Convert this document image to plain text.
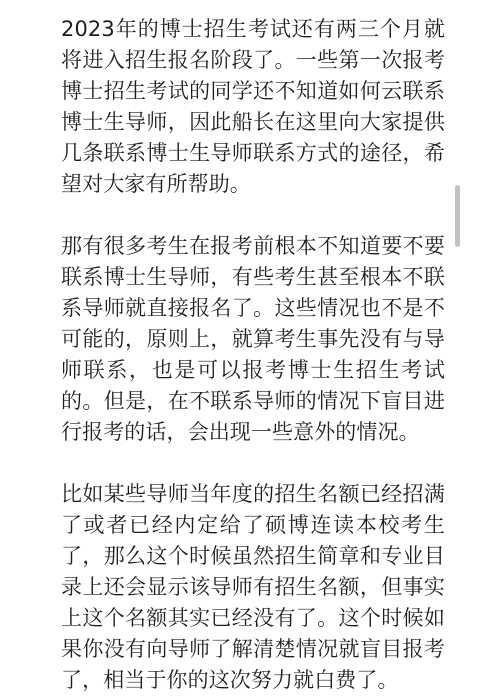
2023年的博士招生考试还有两三个月就将进入招生报名阶段了。一些第一次报考博士招生考试的同学还不知道如何云联系博士生导师，因此船长在这里向大家提供几条联系博士生导师联系方式的途径，希望对大家有所帮助。

那有很多考生在报考前根本不知道要不要联系博士生导师，有些考生甚至根本不联系导师就直接报名了。这些情况也不是不可能的，原则上，就算考生事先没有与导师联系，也是可以报考博士生招生考试的。但是，在不联系导师的情况下盲目进行报考的话，会出现一些意外的情况。

比如某些导师当年度的招生名额已经招满了或者已经内定给了硕博连读本校考生了，那么这个时候虽然招生简章和专业目录上还会显示该导师有招生名额，但事实上这个名额其实已经没有了。这个时候如果你没有向导师了解清楚情况就盲目报考了，相当于你的这次努力就白费了。
